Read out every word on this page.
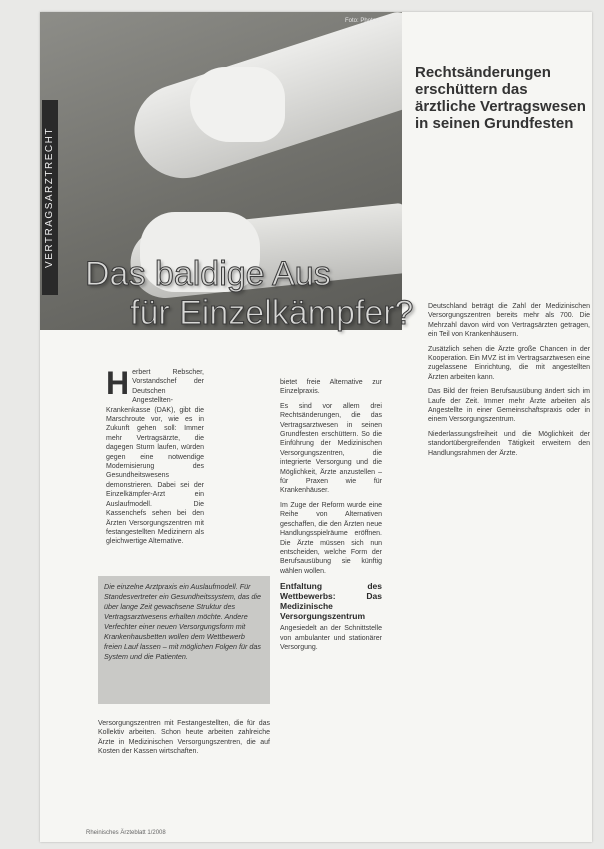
Foto: Photodisc
VERTRAGSARZTRECHT
Rechtsänderungen erschüttern das ärztliche Vertragswesen in seinen Grundfesten
Das baldige Aus
für Einzelkämpfer?
H erbert Rebscher, Vorstandschef der Deutschen Angestellten-Krankenkasse (DAK), gibt die Marschroute vor, wie es in Zukunft gehen soll: Immer mehr Vertragsärzte, die dagegen Sturm laufen, würden gegen eine notwendige Modernisierung des Gesundheitswesens demonstrieren. Dabei sei der Einzelkämpfer-Arzt ein Auslaufmodell. Die Kassenchefs sehen bei den Ärzten Versorgungszentren mit festangestellten Medizinern als gleichwertige Alternative.
Die einzelne Arztpraxis ein Auslaufmodell. Für Standesvertreter ein Gesundheitssystem, das die über lange Zeit gewachsene Struktur des Vertragsarztwesens erhalten möchte. Andere Verfechter einer neuen Versorgungsform mit Krankenhausbetten wollen dem Wettbewerb freien Lauf lassen – mit möglichen Folgen für das System und die Patienten.
Versorgungszentren mit Festangestellten, die für das Kollektiv arbeiten. Schon heute arbeiten zahlreiche Ärzte in Medizinischen Versorgungszentren, die auf Kosten der Kassen wirtschaften.

bietet freie Alternative zur Einzelpraxis.

Es sind vor allem drei Rechtsänderungen, die das Vertragsarztwesen in seinen Grundfesten erschüttern. So die Einführung der Medizinischen Versorgungszentren, die integrierte Versorgung und die Möglichkeit, Ärzte anzustellen – für Praxen wie für Krankenhäuser.

Im Zuge der Reform wurde eine Reihe von Alternativen geschaffen, die den Ärzten neue Handlungsspielräume eröffnen. Die Ärzte müssen sich nun entscheiden, welche Form der Berufsausübung sie künftig wählen wollen.

Entfaltung des Wettbewerbs: Das Medizinische Versorgungszentrum

Angesiedelt an der Schnittstelle von ambulanter und stationärer Versorgung.

Deutschland beträgt die Zahl der Medizinischen Versorgungszentren bereits mehr als 700. Die Mehrzahl davon wird von Vertragsärzten getragen, ein Teil von Krankenhäusern.

Zusätzlich sehen die Ärzte große Chancen in der Kooperation. Ein MVZ ist im Vertragsarztwesen eine zugelassene Einrichtung, die mit angestellten Ärzten arbeiten kann.

Das Bild der freien Berufsausübung ändert sich im Laufe der Zeit. Immer mehr Ärzte arbeiten als Angestellte in einer Gemeinschaftspraxis oder in einem Versorgungszentrum.

Niederlassungsfreiheit und die Möglichkeit der standortübergreifenden Tätigkeit erweitern den Handlungsrahmen der Ärzte.

Rheinisches Ärzteblatt 1/2008
